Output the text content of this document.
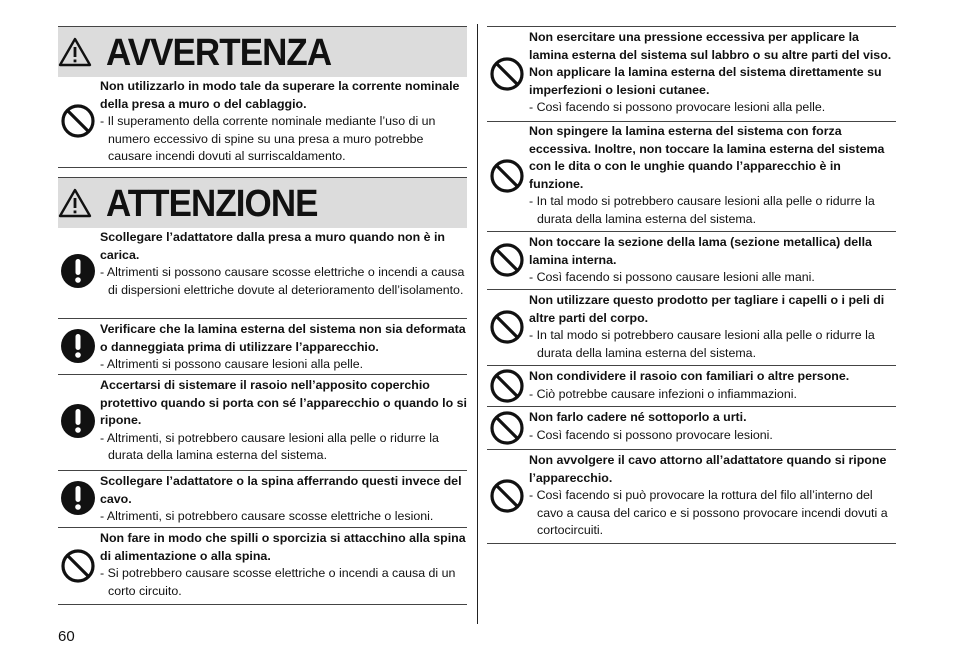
AVVERTENZA
Non utilizzarlo in modo tale da superare la corrente nominale della presa a muro o del cablaggio.
- Il superamento della corrente nominale mediante l’uso di un numero eccessivo di spine su una presa a muro potrebbe causare incendi dovuti al surriscaldamento.
ATTENZIONE
Scollegare l’adattatore dalla presa a muro quando non è in carica.
- Altrimenti si possono causare scosse elettriche o incendi a causa di dispersioni elettriche dovute al deterioramento dell’isolamento.
Verificare che la lamina esterna del sistema non sia deformata o danneggiata prima di utilizzare l’apparecchio.
- Altrimenti si possono causare lesioni alla pelle.
Accertarsi di sistemare il rasoio nell’apposito coperchio protettivo quando si porta con sé l’apparecchio o quando lo si ripone.
- Altrimenti, si potrebbero causare lesioni alla pelle o ridurre la durata della lamina esterna del sistema.
Scollegare l’adattatore o la spina afferrando questi invece del cavo.
- Altrimenti, si potrebbero causare scosse elettriche o lesioni.
Non fare in modo che spilli o sporcizia si attacchino alla spina di alimentazione o alla spina.
- Si potrebbero causare scosse elettriche o incendi a causa di un corto circuito.
Non esercitare una pressione eccessiva per applicare la lamina esterna del sistema sul labbro o su altre parti del viso. Non applicare la lamina esterna del sistema direttamente su imperfezioni o lesioni cutanee.
- Così facendo si possono provocare lesioni alla pelle.
Non spingere la lamina esterna del sistema con forza eccessiva. Inoltre, non toccare la lamina esterna del sistema con le dita o con le unghie quando l’apparecchio è in funzione.
- In tal modo si potrebbero causare lesioni alla pelle o ridurre la durata della lamina esterna del sistema.
Non toccare la sezione della lama (sezione metallica) della lamina interna.
- Così facendo si possono causare lesioni alle mani.
Non utilizzare questo prodotto per tagliare i capelli o i peli di altre parti del corpo.
- In tal modo si potrebbero causare lesioni alla pelle o ridurre la durata della lamina esterna del sistema.
Non condividere il rasoio con familiari o altre persone.
- Ciò potrebbe causare infezioni o infiammazioni.
Non farlo cadere né sottoporlo a urti.
- Così facendo si possono provocare lesioni.
Non avvolgere il cavo attorno all’adattatore quando si ripone l’apparecchio.
- Così facendo si può provocare la rottura del filo all’interno del cavo a causa del carico e si possono provocare incendi dovuti a cortocircuiti.
60
